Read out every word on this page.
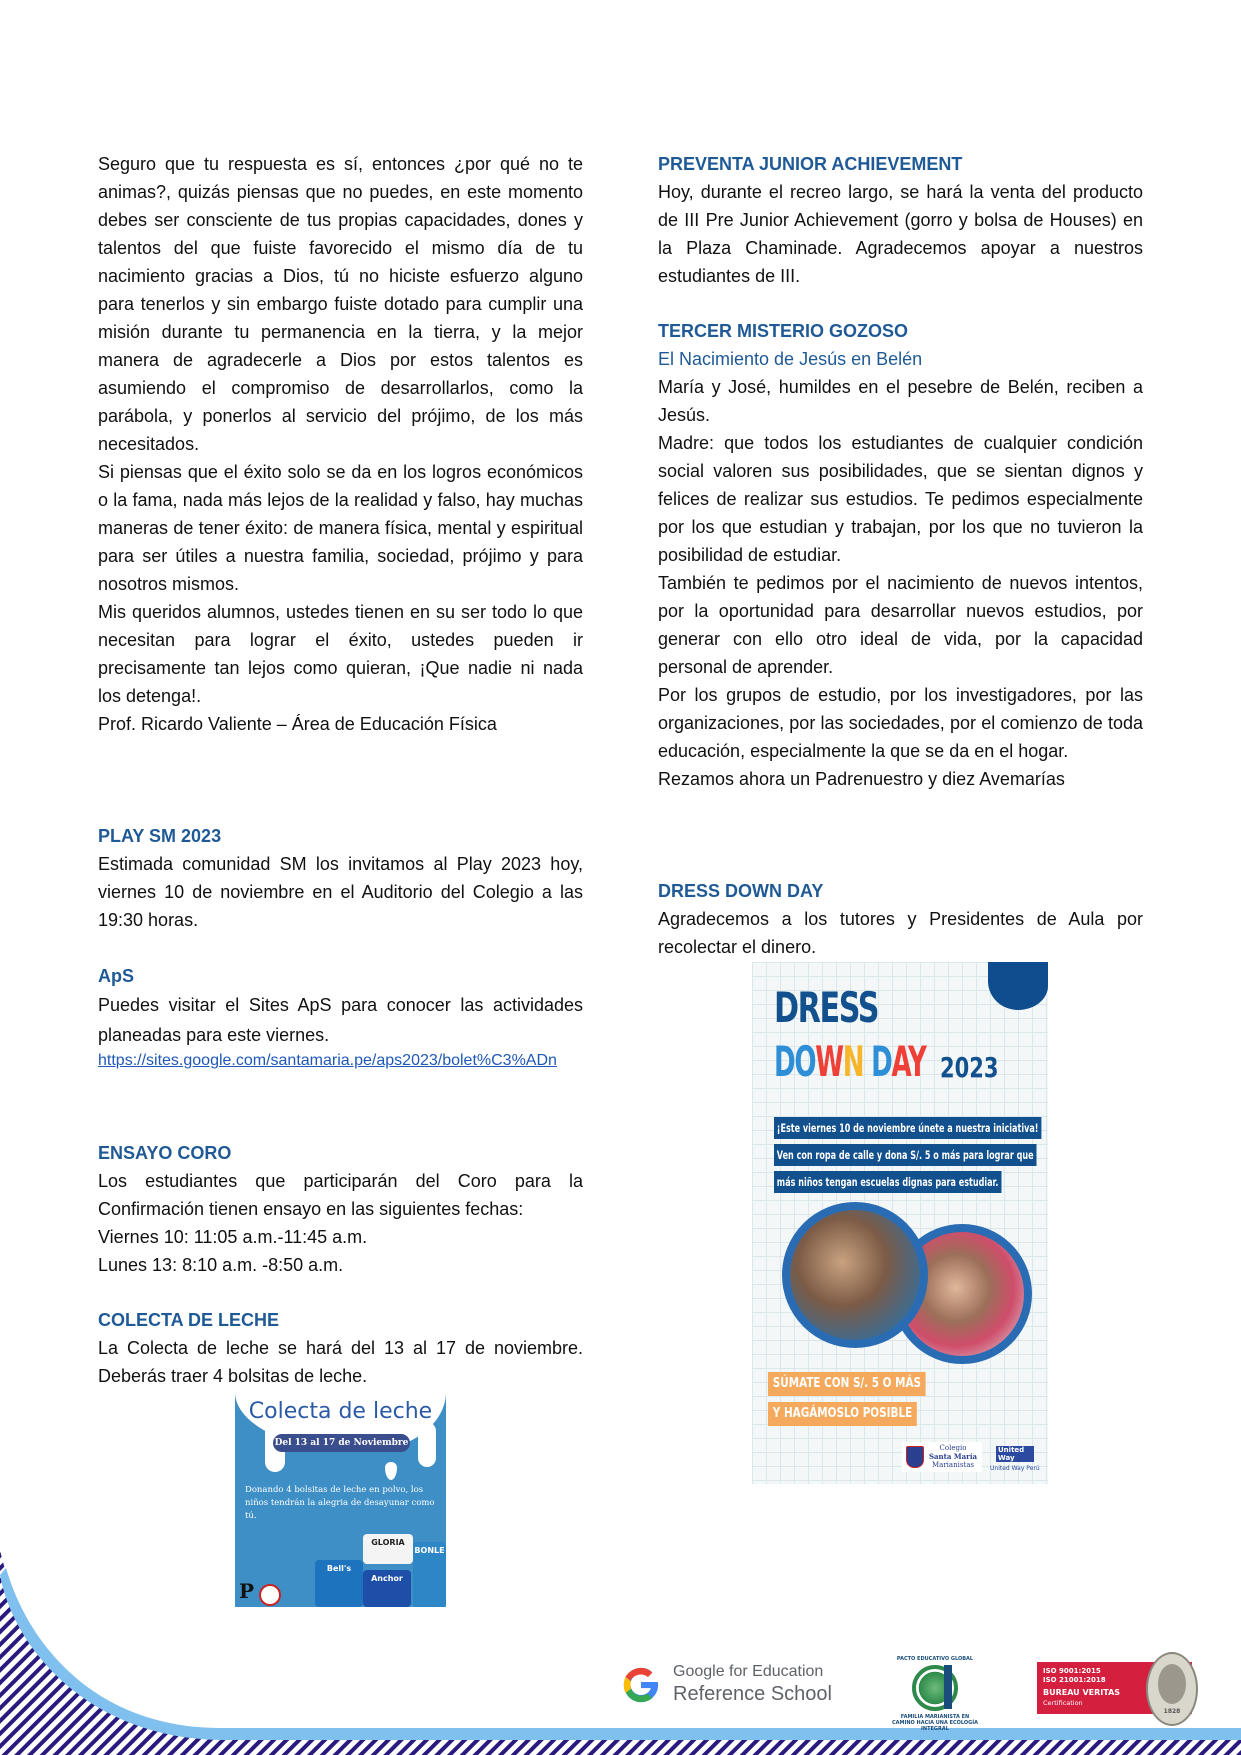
Seguro que tu respuesta es sí, entonces ¿por qué no te animas?, quizás piensas que no puedes, en este momento debes ser consciente de tus propias capacidades, dones y talentos del que fuiste favorecido el mismo día de tu nacimiento gracias a Dios, tú no hiciste esfuerzo alguno para tenerlos y sin embargo fuiste dotado para cumplir una misión durante tu permanencia en la tierra, y la mejor manera de agradecerle a Dios por estos talentos es asumiendo el compromiso de desarrollarlos, como la parábola, y ponerlos al servicio del prójimo, de los más necesitados.

Si piensas que el éxito solo se da en los logros económicos o la fama, nada más lejos de la realidad y falso, hay muchas maneras de tener éxito: de manera física, mental y espiritual para ser útiles a nuestra familia, sociedad, prójimo y para nosotros mismos.

Mis queridos alumnos, ustedes tienen en su ser todo lo que necesitan para lograr el éxito, ustedes pueden ir precisamente tan lejos como quieran, ¡Que nadie ni nada los detenga!.

Prof. Ricardo Valiente – Área de Educación Física

PLAY SM 2023

Estimada comunidad SM los invitamos al Play 2023 hoy, viernes 10 de noviembre en el Auditorio del Colegio a las 19:30 horas.

ApS

Puedes visitar el Sites ApS para conocer las actividades planeadas para este viernes.

https://sites.google.com/santamaria.pe/aps2023/bolet%C3%ADn
ENSAYO CORO

Los estudiantes que participarán del Coro para la Confirmación tienen ensayo en las siguientes fechas:

Viernes 10: 11:05 a.m.-11:45 a.m.

Lunes 13: 8:10 a.m. -8:50 a.m.

COLECTA DE LECHE

La Colecta de leche se hará del 13 al 17 de noviembre. Deberás traer 4 bolsitas de leche.

Colecta de leche
Del 13 al 17 de Noviembre
Donando 4 bolsitas de leche en polvo, los niños tendrán la alegria de desayunar como tú.
Bell's
GLORIA
Anchor
BONLE
P
PREVENTA JUNIOR ACHIEVEMENT

Hoy, durante el recreo largo, se hará la venta del producto de III Pre Junior Achievement (gorro y bolsa de Houses) en la Plaza Chaminade. Agradecemos apoyar a nuestros estudiantes de III.

TERCER MISTERIO GOZOSO

El Nacimiento de Jesús en Belén

María y José, humildes en el pesebre de Belén, reciben a Jesús.

Madre: que todos los estudiantes de cualquier condición social valoren sus posibilidades, que se sientan dignos y felices de realizar sus estudios. Te pedimos especialmente por los que estudian y trabajan, por los que no tuvieron la posibilidad de estudiar.

También te pedimos por el nacimiento de nuevos intentos, por la oportunidad para desarrollar nuevos estudios, por generar con ello otro ideal de vida, por la capacidad personal de aprender.

Por los grupos de estudio, por los investigadores, por las organizaciones, por las sociedades, por el comienzo de toda educación, especialmente la que se da en el hogar.

Rezamos ahora un Padrenuestro y diez Avemarías

DRESS DOWN DAY

Agradecemos a los tutores y Presidentes de Aula por recolectar el dinero.

DRESS
DOWN DAY 2023
¡Este viernes 10 de noviembre únete a nuestra iniciativa!
Ven con ropa de calle y dona S/. 5 o más para lograr que
más niños tengan escuelas dignas para estudiar.
SÚMATE CON S/. 5 O MÁS
Y HAGÁMOSLO POSIBLE
Colegio
Santa María
Marianistas
United Way
United Way Perú
Google for Education
Reference School
PACTO EDUCATIVO GLOBAL
FAMILIA MARIANISTA EN CAMINO HACIA UNA ECOLOGÍA INTEGRAL
ISO 9001:2015
ISO 21001:2018
BUREAU VERITAS
Certification
1828
